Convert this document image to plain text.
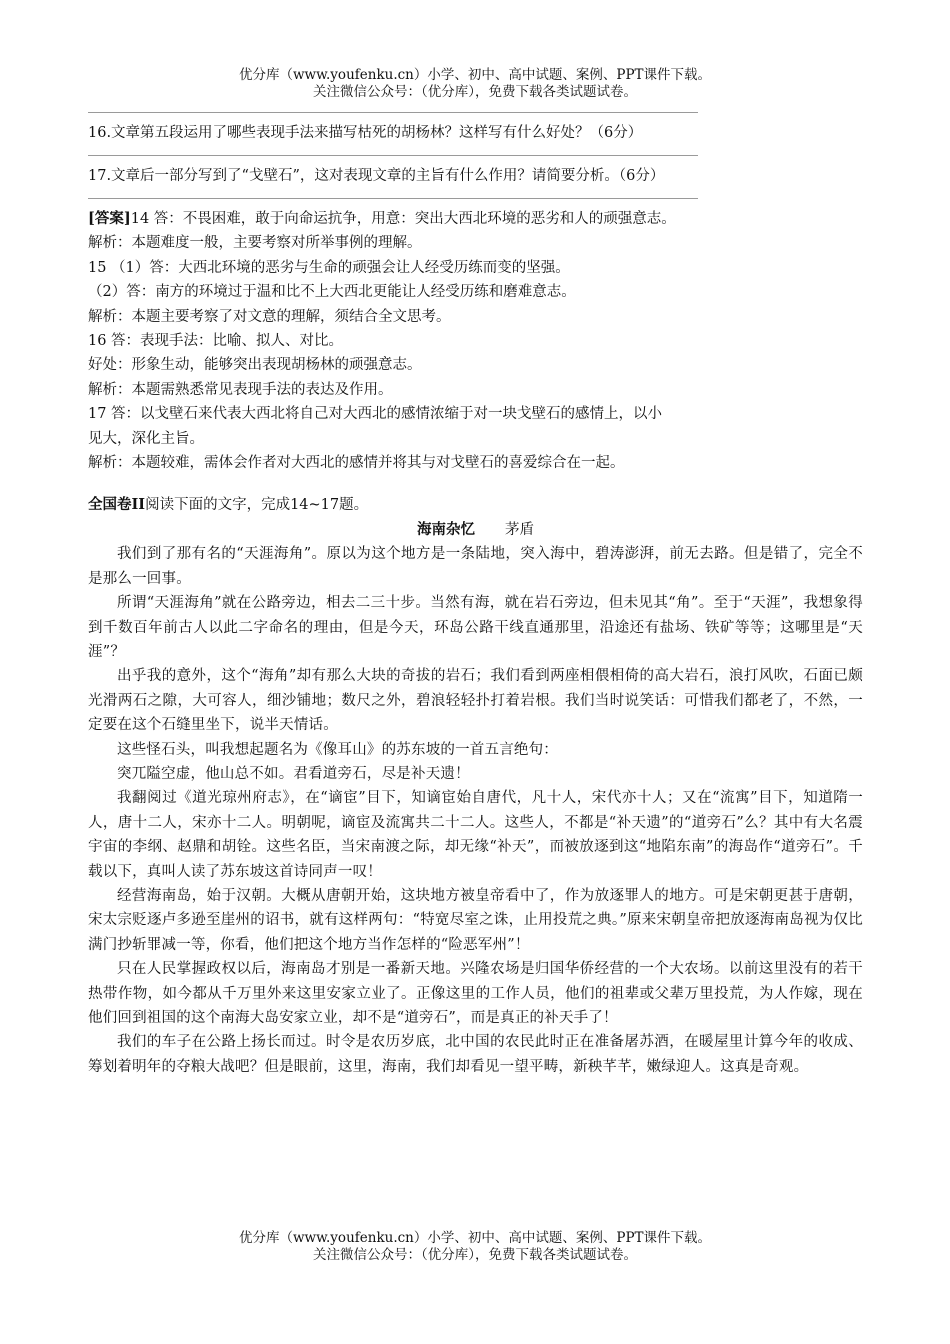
优分库（www.youfenku.cn）小学、初中、高中试题、案例、PPT课件下载。
关注微信公众号：（优分库），免费下载各类试题试卷。
16.文章第五段运用了哪些表现手法来描写枯死的胡杨林？这样写有什么好处？（6分）
17.文章后一部分写到了“戈壁石”，这对表现文章的主旨有什么作用？请简要分析。（6分）
[答案]14 答：不畏困难，敢于向命运抗争，用意：突出大西北环境的恶劣和人的顽强意志。
解析：本题难度一般，主要考察对所举事例的理解。
15 （1）答：大西北环境的恶劣与生命的顽强会让人经受历练而变的坚强。
（2）答：南方的环境过于温和比不上大西北更能让人经受历练和磨难意志。
解析：本题主要考察了对文意的理解，须结合全文思考。
16 答：表现手法：比喻、拟人、对比。
好处：形象生动，能够突出表现胡杨林的顽强意志。
解析：本题需熟悉常见表现手法的表达及作用。
17 答：以戈壁石来代表大西北将自己对大西北的感情浓缩于对一块戈壁石的感情上，以小
见大，深化主旨。
解析：本题较难，需体会作者对大西北的感情并将其与对戈壁石的喜爱综合在一起。
全国卷II阅读下面的文字，完成14~17题。
海南杂忆 茅盾

我们到了那有名的“天涯海角”。原以为这个地方是一条陆地，突入海中，碧涛澎湃，前无去路。但是错了，完全不是那么一回事。

所谓“天涯海角”就在公路旁边，相去二三十步。当然有海，就在岩石旁边，但未见其“角”。至于“天涯”，我想象得到千数百年前古人以此二字命名的理由，但是今天，环岛公路干线直通那里，沿途还有盐场、铁矿等等；这哪里是“天涯”？

出乎我的意外，这个“海角”却有那么大块的奇拔的岩石；我们看到两座相偎相倚的高大岩石，浪打风吹，石面已颇光滑两石之隙，大可容人，细沙铺地；数尺之外，碧浪轻轻扑打着岩根。我们当时说笑话：可惜我们都老了，不然，一定要在这个石缝里坐下，说半天情话。

这些怪石头，叫我想起题名为《像耳山》的苏东坡的一首五言绝句：

突兀隘空虚，他山总不如。君看道旁石，尽是补天遗！

我翻阅过《道光琼州府志》，在“谪宦”目下，知谪宦始自唐代，凡十人，宋代亦十人；又在“流寓”目下，知道隋一人，唐十二人，宋亦十二人。明朝呢，谪宦及流寓共二十二人。这些人，不都是“补天遗”的“道旁石”么？其中有大名震宇宙的李纲、赵鼎和胡铨。这些名臣，当宋南渡之际，却无缘“补天”，而被放逐到这“地陷东南”的海岛作“道旁石”。千载以下，真叫人读了苏东坡这首诗同声一叹！

经营海南岛，始于汉朝。大概从唐朝开始，这块地方被皇帝看中了，作为放逐罪人的地方。可是宋朝更甚于唐朝，宋太宗贬逐卢多逊至崖州的诏书，就有这样两句：“特宽尽室之诛，止用投荒之典。”原来宋朝皇帝把放逐海南岛视为仅比满门抄斩罪减一等，你看，他们把这个地方当作怎样的“险恶军州”！

只在人民掌握政权以后，海南岛才别是一番新天地。兴隆农场是归国华侨经营的一个大农场。以前这里没有的若干热带作物，如今都从千万里外来这里安家立业了。正像这里的工作人员，他们的祖辈或父辈万里投荒，为人作嫁，现在他们回到祖国的这个南海大岛安家立业，却不是“道旁石”，而是真正的补天手了！

我们的车子在公路上扬长而过。时令是农历岁底，北中国的农民此时正在准备屠苏酒，在暖屋里计算今年的收成、筹划着明年的夺粮大战吧？但是眼前，这里，海南，我们却看见一望平畴，新秧芊芊，嫩绿迎人。这真是奇观。

优分库（www.youfenku.cn）小学、初中、高中试题、案例、PPT课件下载。
关注微信公众号：（优分库），免费下载各类试题试卷。
